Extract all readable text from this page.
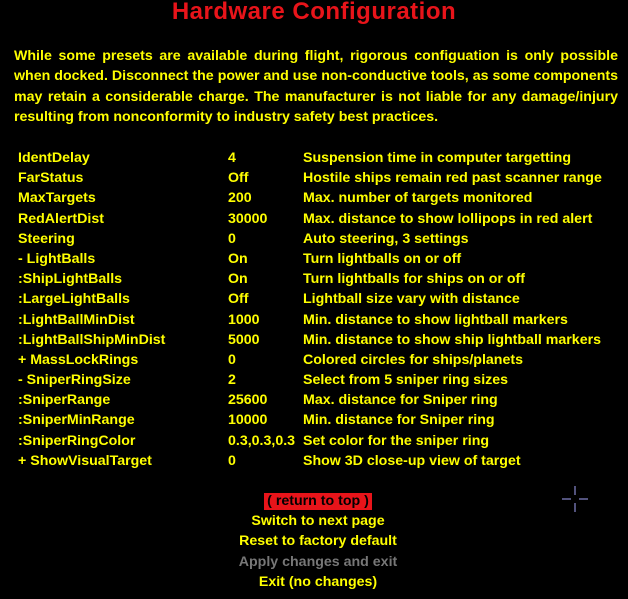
Hardware Configuration
While some presets are available during flight, rigorous configuation is only possible when docked. Disconnect the power and use non-conductive tools, as some components may retain a considerable charge. The manufacturer is not liable for any damage/injury resulting from nonconformity to industry safety best practices.
IdentDelay	4	Suspension time in computer targetting
FarStatus	Off	Hostile ships remain red past scanner range
MaxTargets	200	Max. number of targets monitored
RedAlertDist	30000	Max. distance to show lollipops in red alert
Steering	0	Auto steering, 3 settings
- LightBalls	On	Turn lightballs on or off
:ShipLightBalls	On	Turn lightballs for ships on or off
:LargeLightBalls	Off	Lightball size vary with distance
:LightBallMinDist	1000	Min. distance to show lightball markers
:LightBallShipMinDist	5000	Min. distance to show ship lightball markers
+ MassLockRings	0	Colored circles for ships/planets
- SniperRingSize	2	Select from 5 sniper ring sizes
:SniperRange	25600	Max. distance for Sniper ring
:SniperMinRange	10000	Min. distance for Sniper ring
:SniperRingColor	0.3,0.3,0.3 Set color for the sniper ring
+ ShowVisualTarget	0	Show 3D close-up view of target
( return to top )
Switch to next page
Reset to factory default
Apply changes and exit
Exit (no changes)
